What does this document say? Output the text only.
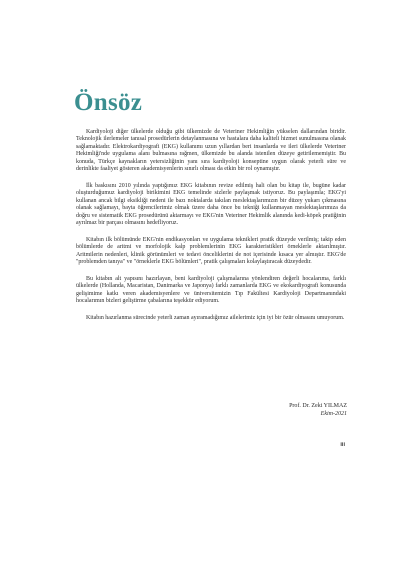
Önsöz

Kardiyoloji diğer ülkelerde olduğu gibi ülkemizde de Veteriner Hekimliğin yükselen dallarından biridir. Teknolojik ilerlemeler tanısal prosedürlerin detaylanmasına ve hastalara daha kaliteli hizmet sunulmasına olanak sağlamaktadır. Elektrokardiyografi (EKG) kullanımı uzun yıllardan beri insanlarda ve ileri ülkelerde Veteriner Hekimliği'nde uygulama alanı bulmasına rağmen, ülkemizde bu alanda istenilen düzeye getirilememiştir. Bu konuda, Türkçe kaynakların yetersizliğinin yanı sıra kardiyoloji konseptine uygun olarak yeterli süre ve derinlikte faaliyet gösteren akademisyenlerin sınırlı olması da etkin bir rol oynamıştır.

İlk baskısını 2010 yılında yaptığımız EKG kitabının revize edilmiş hali olan bu kitap ile, bugüne kadar oluşturduğumuz kardiyoloji birikimini EKG temelinde sizlerle paylaşmak istiyoruz. Bu paylaşımla; EKG'yi kullanan ancak bilgi eksikliği nedeni ile bazı noktalarda takılan meslektaşlarımızın bir düzey yukarı çıkmasına olanak sağlamayı, bayta öğrencilerimiz olmak üzere daha önce bu tekniği kullanmayan meslektaşlarımıza da doğru ve sistematik EKG prosedürünü aktarmayı ve EKG'nin Veteriner Hekimlik alanında kedi-köpek pratiğinin ayrılmaz bir parçası olmasını hedefliyoruz.

Kitabın ilk bölümünde EKG'nin endikasyonları ve uygulama teknikleri pratik düzeyde verilmiş; takip eden bölümlerde de aritmi ve morfolojik kalp problemlerinin EKG karakteristikleri örneklerle aktarılmıştır. Aritmilerin nedenleri, klinik görünümleri ve tedavi önceliklerini de not içerisinde kısaca yer almıştır. EKG'de "problemden tanıya" ve "örneklerle EKG bölümleri", pratik çalışmaları kolaylaştıracak düzeydedir.

Bu kitabın alt yapısını hazırlayan, beni kardiyoloji çalışmalarına yönlendiren değerli hocalarıma, farklı ülkelerde (Hollanda, Macaristan, Danimarka ve Japonya) farklı zamanlarda EKG ve ekokardiyografi konusunda gelişimime katkı veren akademisyenlere ve üniversitemizin Tıp Fakültesi Kardiyoloji Departmanındaki hocalarımın bizleri geliştirme çabalarına teşekkür ediyorum.

Kitabın hazırlanma sürecinde yeterli zaman ayıramadığımız ailelerimiz için iyi bir özür olmasını umuyorum.

Prof. Dr. Zeki YILMAZ
Ekim-2021
iii
